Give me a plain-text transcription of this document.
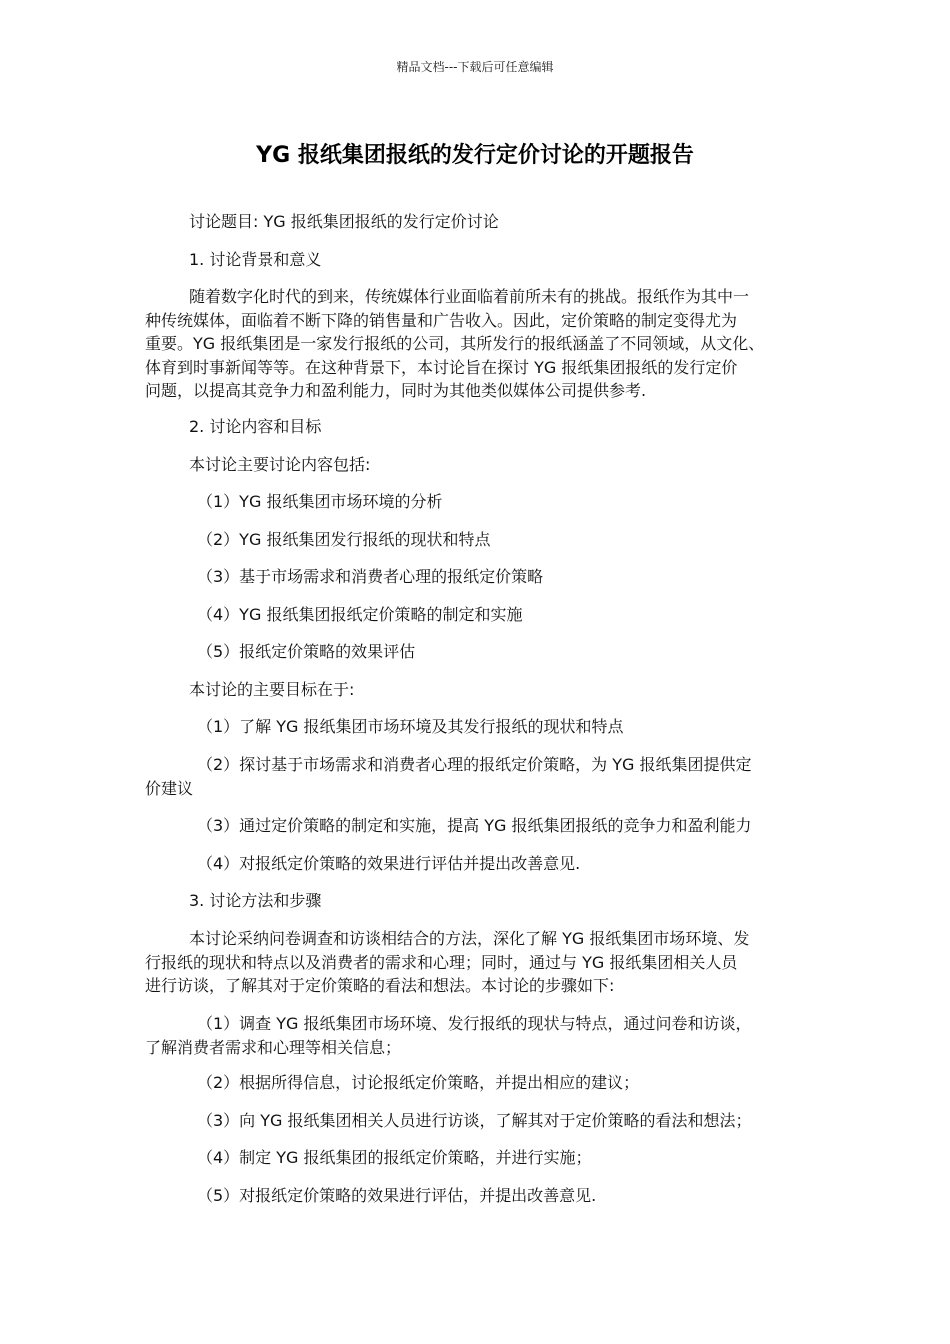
精品文档---下载后可任意编辑
YG 报纸集团报纸的发行定价讨论的开题报告
讨论题目: YG 报纸集团报纸的发行定价讨论
1. 讨论背景和意义
随着数字化时代的到来，传统媒体行业面临着前所未有的挑战。报纸作为其中一
种传统媒体，面临着不断下降的销售量和广告收入。因此，定价策略的制定变得尤为
重要。YG 报纸集团是一家发行报纸的公司，其所发行的报纸涵盖了不同领域，从文化、
体育到时事新闻等等。在这种背景下，本讨论旨在探讨 YG 报纸集团报纸的发行定价
问题，以提高其竞争力和盈利能力，同时为其他类似媒体公司提供参考.
2. 讨论内容和目标
本讨论主要讨论内容包括:
（1）YG 报纸集团市场环境的分析
（2）YG 报纸集团发行报纸的现状和特点
（3）基于市场需求和消费者心理的报纸定价策略
（4）YG 报纸集团报纸定价策略的制定和实施
（5）报纸定价策略的效果评估
本讨论的主要目标在于:
（1）了解 YG 报纸集团市场环境及其发行报纸的现状和特点
（2）探讨基于市场需求和消费者心理的报纸定价策略，为 YG 报纸集团提供定
价建议
（3）通过定价策略的制定和实施，提高 YG 报纸集团报纸的竞争力和盈利能力
（4）对报纸定价策略的效果进行评估并提出改善意见.
3. 讨论方法和步骤
本讨论采纳问卷调查和访谈相结合的方法，深化了解 YG 报纸集团市场环境、发
行报纸的现状和特点以及消费者的需求和心理；同时，通过与 YG 报纸集团相关人员
进行访谈，了解其对于定价策略的看法和想法。本讨论的步骤如下:
（1）调查 YG 报纸集团市场环境、发行报纸的现状与特点，通过问卷和访谈，
了解消费者需求和心理等相关信息；
（2）根据所得信息，讨论报纸定价策略，并提出相应的建议；
（3）向 YG 报纸集团相关人员进行访谈，了解其对于定价策略的看法和想法；
（4）制定 YG 报纸集团的报纸定价策略，并进行实施；
（5）对报纸定价策略的效果进行评估，并提出改善意见.
